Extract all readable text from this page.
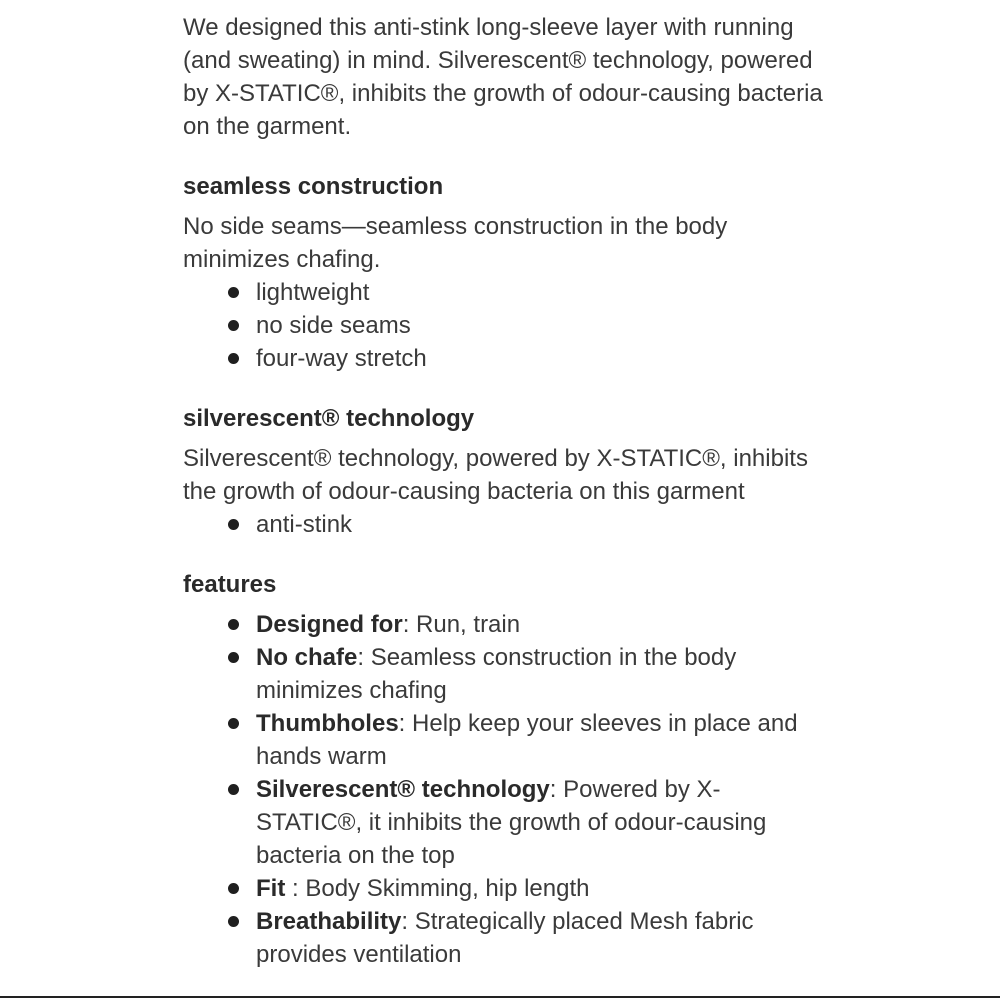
We designed this anti-stink long-sleeve layer with running (and sweating) in mind. Silverescent® technology, powered by X-STATIC®, inhibits the growth of odour-causing bacteria on the garment.

seamless construction

No side seams—seamless construction in the body minimizes chafing.

lightweight
no side seams
four-way stretch
silverescent® technology

Silverescent® technology, powered by X-STATIC®, inhibits the growth of odour-causing bacteria on this garment

anti-stink
features
Designed for: Run, train
No chafe: Seamless construction in the body minimizes chafing
Thumbholes: Help keep your sleeves in place and hands warm
Silverescent® technology: Powered by X-STATIC®, it inhibits the growth of odour-causing bacteria on the top
Fit : Body Skimming, hip length
Breathability: Strategically placed Mesh fabric provides ventilation
